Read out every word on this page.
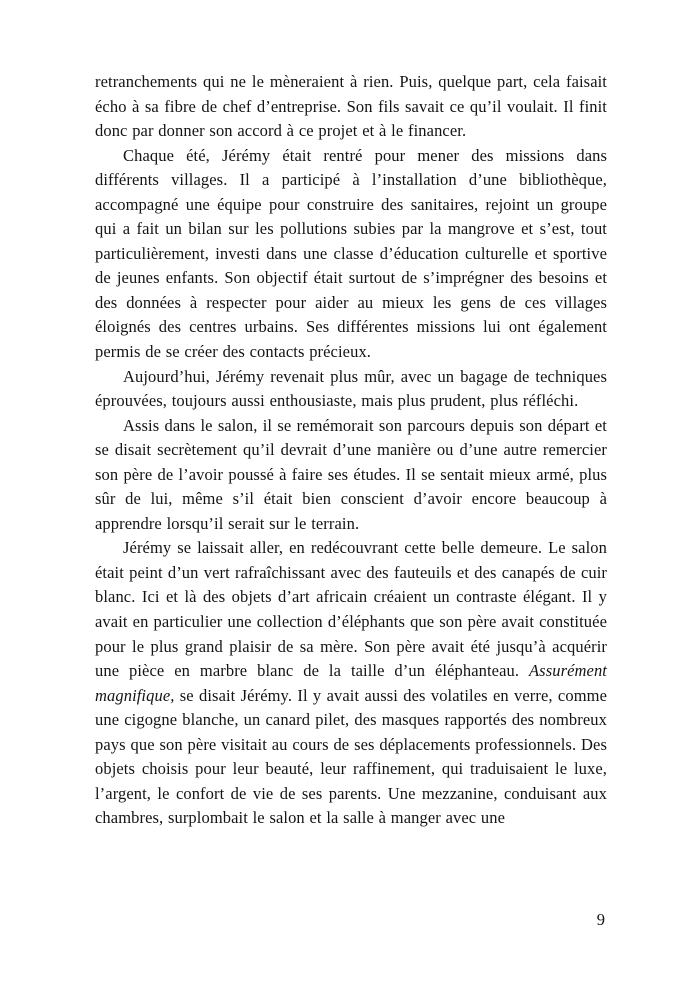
retranchements qui ne le mèneraient à rien. Puis, quelque part, cela faisait écho à sa fibre de chef d’entreprise. Son fils savait ce qu’il voulait. Il finit donc par donner son accord à ce projet et à le financer.

Chaque été, Jérémy était rentré pour mener des missions dans différents villages. Il a participé à l’installation d’une bibliothèque, accompagné une équipe pour construire des sanitaires, rejoint un groupe qui a fait un bilan sur les pollutions subies par la mangrove et s’est, tout particulièrement, investi dans une classe d’éducation culturelle et sportive de jeunes enfants. Son objectif était surtout de s’imprégner des besoins et des données à respecter pour aider au mieux les gens de ces villages éloignés des centres urbains. Ses différentes missions lui ont également permis de se créer des contacts précieux.

Aujourd’hui, Jérémy revenait plus mûr, avec un bagage de techniques éprouvées, toujours aussi enthousiaste, mais plus prudent, plus réfléchi.

Assis dans le salon, il se remémorait son parcours depuis son départ et se disait secrètement qu’il devrait d’une manière ou d’une autre remercier son père de l’avoir poussé à faire ses études. Il se sentait mieux armé, plus sûr de lui, même s’il était bien conscient d’avoir encore beaucoup à apprendre lorsqu’il serait sur le terrain.

Jérémy se laissait aller, en redécouvrant cette belle demeure. Le salon était peint d’un vert rafraîchissant avec des fauteuils et des canapés de cuir blanc. Ici et là des objets d’art africain créaient un contraste élégant. Il y avait en particulier une collection d’éléphants que son père avait constituée pour le plus grand plaisir de sa mère. Son père avait été jusqu’à acquérir une pièce en marbre blanc de la taille d’un éléphanteau. Assurément magnifique, se disait Jérémy. Il y avait aussi des volatiles en verre, comme une cigogne blanche, un canard pilet, des masques rapportés des nombreux pays que son père visitait au cours de ses déplacements professionnels. Des objets choisis pour leur beauté, leur raffinement, qui traduisaient le luxe, l’argent, le confort de vie de ses parents. Une mezzanine, conduisant aux chambres, surplombait le salon et la salle à manger avec une

9
